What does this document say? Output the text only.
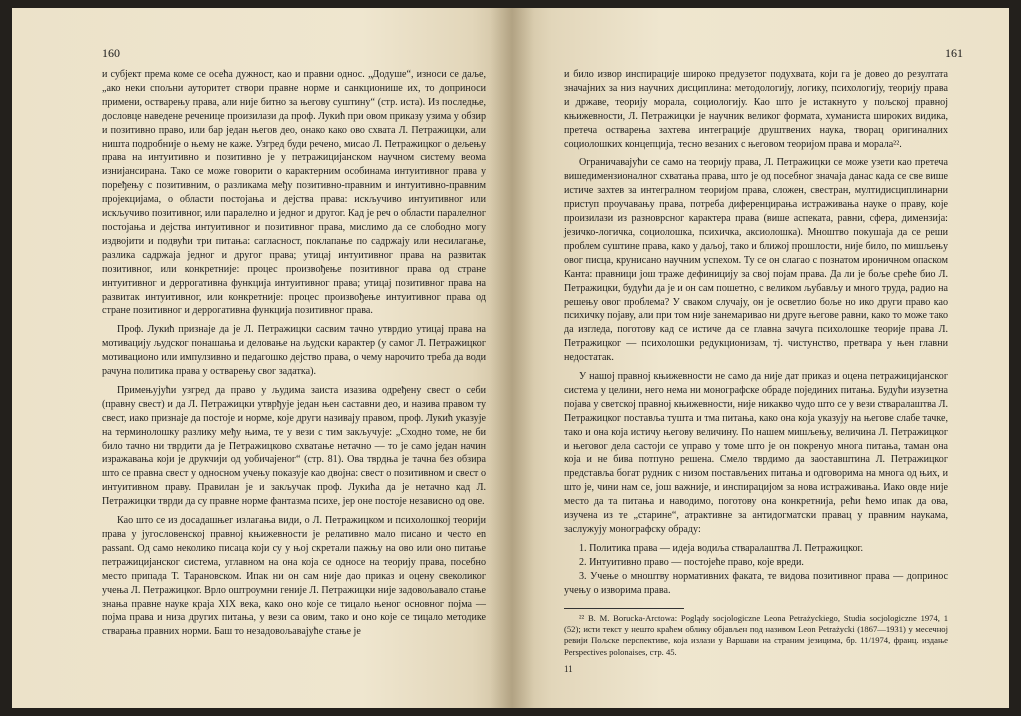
160

и субјект према коме се осећа дужност, као и правни однос. „Додуше“, износи се даље, „ако неки спољни ауторитет створи правне норме и санкционише их, то доприноси примени, остварењу права, али није битно за његову суштину“ (стр. иста). Из последње, дословце наведене реченице произилази да проф. Лукић при овом приказу узима у обзир и позитивно право, или бар један његов део, онако како ово схвата Л. Петражицки, али ништа подробније о њему не каже. Узгред буди речено, мисао Л. Петражицког о дељењу права на интуитивно и позитивно је у петражицијанском научном систему веома изнијансирана. Тако се може говорити о карактерним особинама интуитивног права у поређењу с позитивним, о разликама међу позитивно-правним и интуитивно-правним пројекцијама, о области постојања и дејства права: искључиво интуитивног или искључиво позитивног, или паралелно и једног и другог. Кад је реч о области паралелног постојања и дејства интуитивног и позитивног права, мислимо да се слободно могу издвојити и подвући три питања: сагласност, поклапање по садржају или несилагање, разлика садржаја једног и другог права; утицај интуитивног права на развитак позитивног, или конкретније: процес произвођење позитивног права од стране интуитивног и деррогативна функција интуитивног права; утицај позитивног права на развитак интуитивног, или конкретније: процес произвођење интуитивног права од стране позитивног и деррогативна функција позитивног права.

Проф. Лукић признаје да је Л. Петражицки сасвим тачно утврдио утицај права на мотивацију људског понашања и деловање на људски карактер (у самог Л. Петражицког мотивационо или импулзивно и педагошко дејство права, о чему нарочито треба да води рачуна политика права у остварењу свог задатка).

Примењујући узгред да право у људима заиста изазива одређену свест о себи (правну свест) и да Л. Петражицки утврђује један њен саставни део, и назива правом ту свест, иако признаје да постоје и норме, које други називају правом, проф. Лукић указује на терминолошку разлику међу њима, те у вези с тим закључује: „Сходно томе, не би било тачно ни тврдити да је Петражицково схватање нетачно — то је само један начин изражавања који је друкчији од уобичајеног“ (стр. 81). Ова тврдња је тачна без обзира што се правна свест у односном учењу показује као двојна: свест о позитивном и свест о интуитивном праву. Правилан је и закључак проф. Лукића да је нетачно кад Л. Петражицки тврди да су правне норме фантазма психе, јер оне постоје независно од ове.

Као што се из досадашњег излагања види, о Л. Петражицком и психолошкој теорији права у југословенској правној књижевности је релативно мало писано и често en passant. Од само неколико писаца који су у њој скретали пажњу на ово или оно питање петражицијанског система, углавном на она која се односе на теорију права, посебно место припада Т. Тарановском. Ипак ни он сам није дао приказ и оцену свеколиког учења Л. Петражицког. Врло оштроумни геније Л. Петражицки није задовољавало стање знања правне науке краја XIX века, како оно које се тицало њеног основног појма — појма права и низа других питања, у вези са овим, тако и оно које се тицало методике стварања правних норми. Баш то незадовољавајуће стање је

161

и било извор инспирације широко предузетог подухвата, који га је довео до резултата значајних за низ научних дисциплина: методологију, логику, психологију, теорију права и државе, теорију морала, социологију. Као што је истакнуто у пољској правној књижевности, Л. Петражицки је научник великог формата, хуманиста широких видика, претеча остварења захтева интеграције друштвених наука, творац оригиналних социолошких концепција, тесно везаних с његовом теоријом права и морала²².

Ограничавајући се само на теорију права, Л. Петражицки се може узети као претеча вишедимензионалног схватања права, што је од посебног значаја данас када се све више истиче захтев за интегралном теоријом права, сложен, свестран, мултидисциплинарни приступ проучавању права, потреба диференцирања истраживања науке о праву, које произилази из разноврсног карактера права (више аспеката, равни, сфера, димензија: језичко-логичка, социолошка, психичка, аксиолошка). Мноштво покушаја да се реши проблем суштине права, како у даљој, тако и ближој прошлости, није било, по мишљењу овог писца, крунисано научним успехом. Ту се он слагао с познатом ироничном опаском Канта: правници још траже дефиницију за свој појам права. Да ли је боље среће био Л. Петражицки, будући да је и он сам пошетно, с великом љубављу и много труда, радио на решењу овог проблема? У сваком случају, он је осветлио боље но ико други право као психичку појаву, али при том није занемаривао ни друге његове равни, како то може тако да изгледа, поготову кад се истиче да се главна зачуга психолошке теорије права Л. Петражицког — психолошки редукционизам, тј. чистунство, претвара у њен главни недостатак.

У нашој правној књижевности не само да није дат приказ и оцена петражицијанског система у целини, него нема ни монографске обраде појединих питања. Будући изузетна појава у светској правној књижевности, није никакво чудо што се у вези стваралаштва Л. Петражицког поставља тушта и тма питања, како она која указују на његове слабе тачке, тако и она која истичу његову величину. По нашем мишљењу, величина Л. Петражицког и његовог дела састоји се управо у томе што је он покренуо многа питања, таман она која и не бива потпуно решена. Смело тврдимо да заоставштина Л. Петражицког представља богат рудник с низом постављених питања и одговорима на многа од њих, и што је, чини нам се, још важније, и инспирацијом за нова истраживања. Иако овде није место да та питања и наводимо, поготову она конкретнија, рећи ћемо ипак да ова, изучена из те „старине“, атрактивне за антидогматски правац у правним наукама, заслужују монографску обраду:

1. Политика права — идеја водиља стваралаштва Л. Петражицког.
2. Интуитивно право — постојеће право, које вреди.
3. Учење о мноштву нормативних факата, те видова позитивног права — допринос учењу о изворима права.

²² В. М. Borucka-Arctowa: Poglądy socjologiczne Leona Petrażyckiego, Studia socjologiczne 1974, 1 (52); исти текст у нешто краћем облику објављен под називом Leon Petrażycki (1867—1931) у месечној ревији Пољске перспективе, која излази у Варшави на страним језицима, бр. 11/1974, франц. издање Perspectives polonaises, стр. 45.

11
